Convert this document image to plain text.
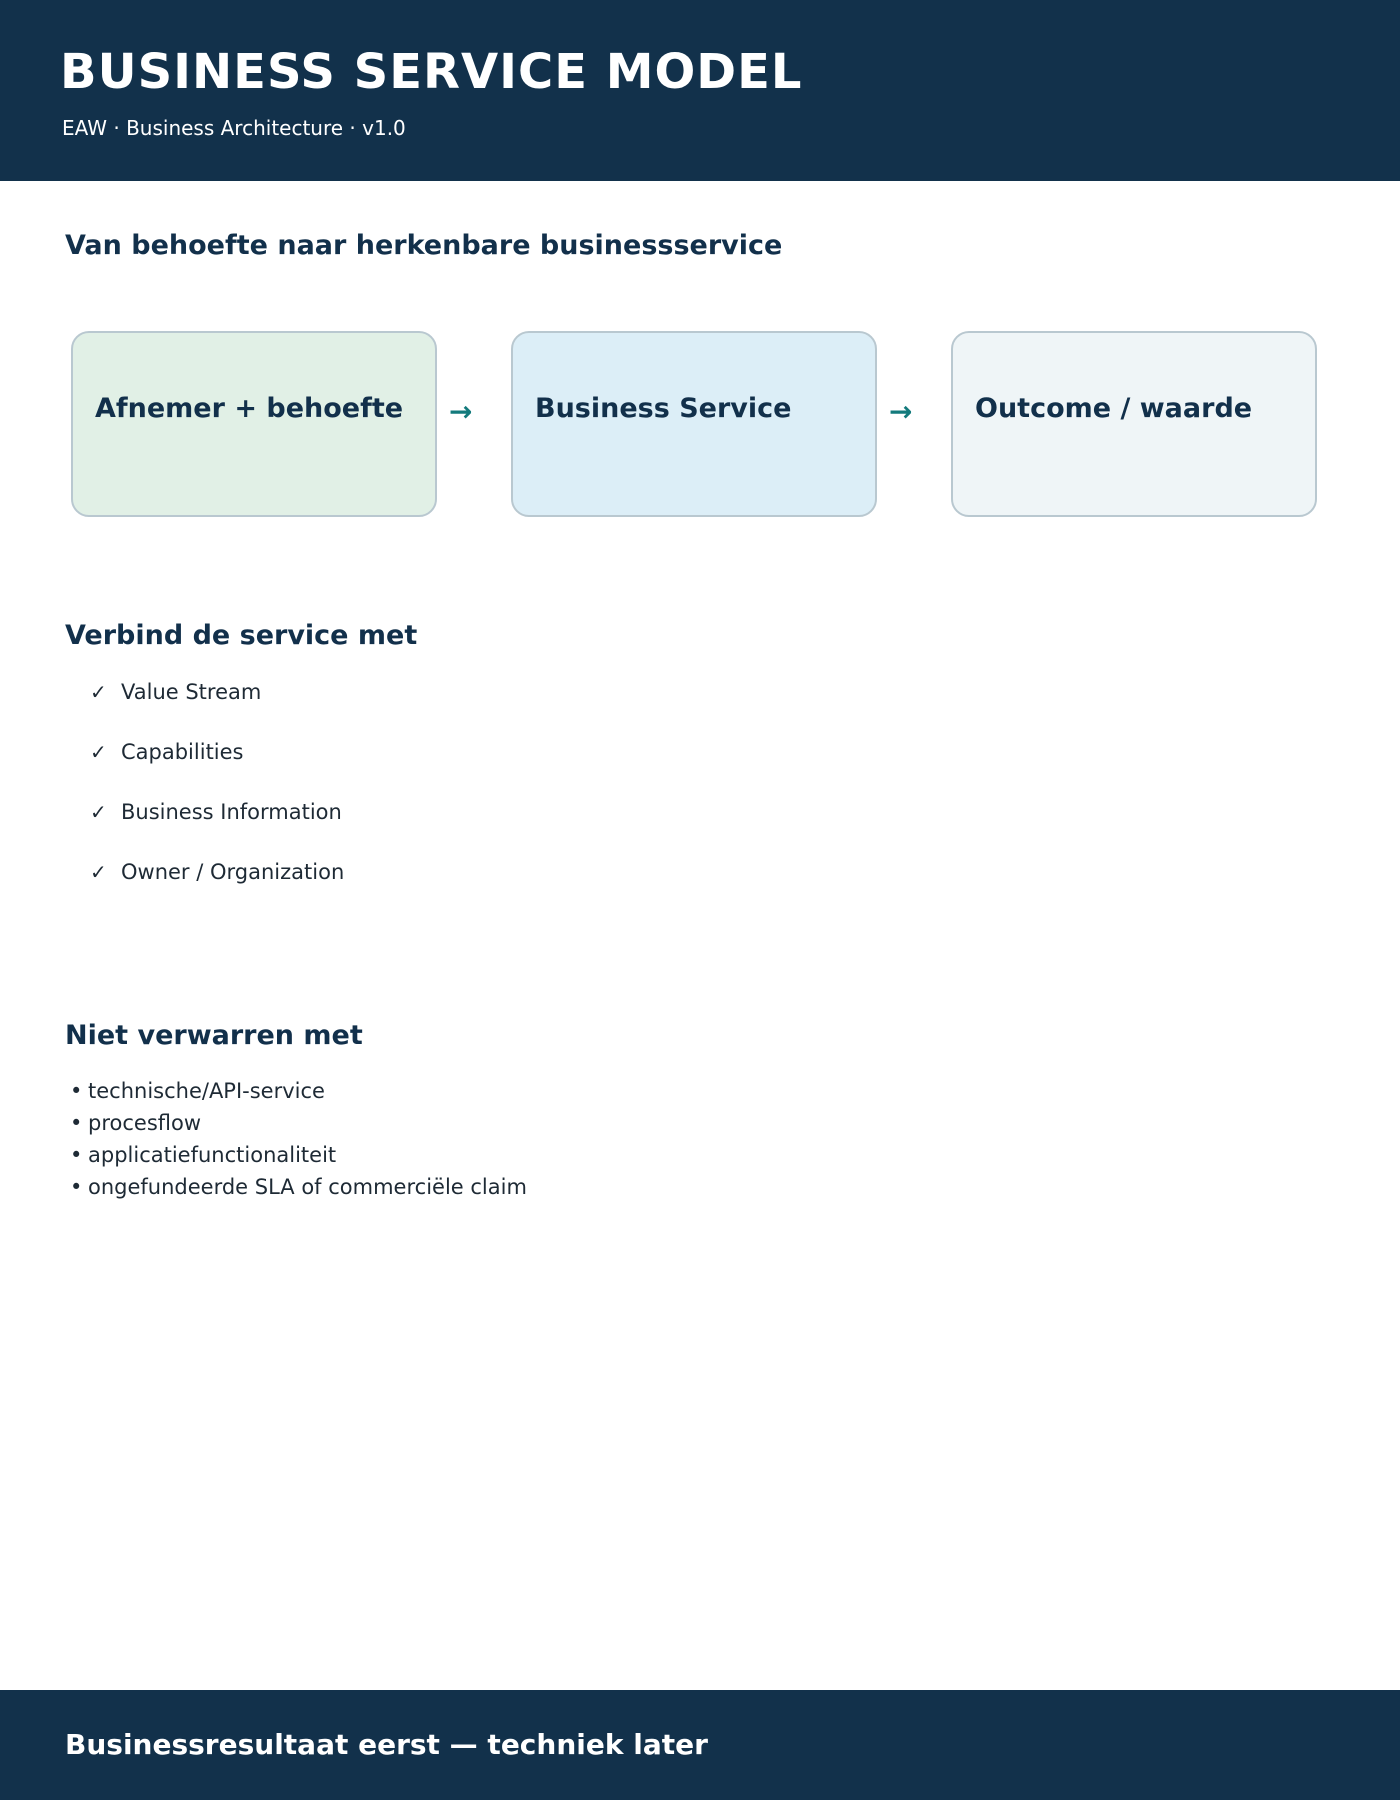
BUSINESS SERVICE MODEL
EAW · Business Architecture · v1.0
Van behoefte naar herkenbare businessservice
Afnemer + behoefte → Business Service	→ Outcome / waarde
Verbind de service met
✓ Value Stream
✓ Capabilities
✓ Business Information
✓ Owner / Organization
Niet verwarren met
• technische/API-service
• procesflow
• applicatiefunctionaliteit
• ongefundeerde SLA of commerciële claim
Businessresultaat eerst — techniek later
